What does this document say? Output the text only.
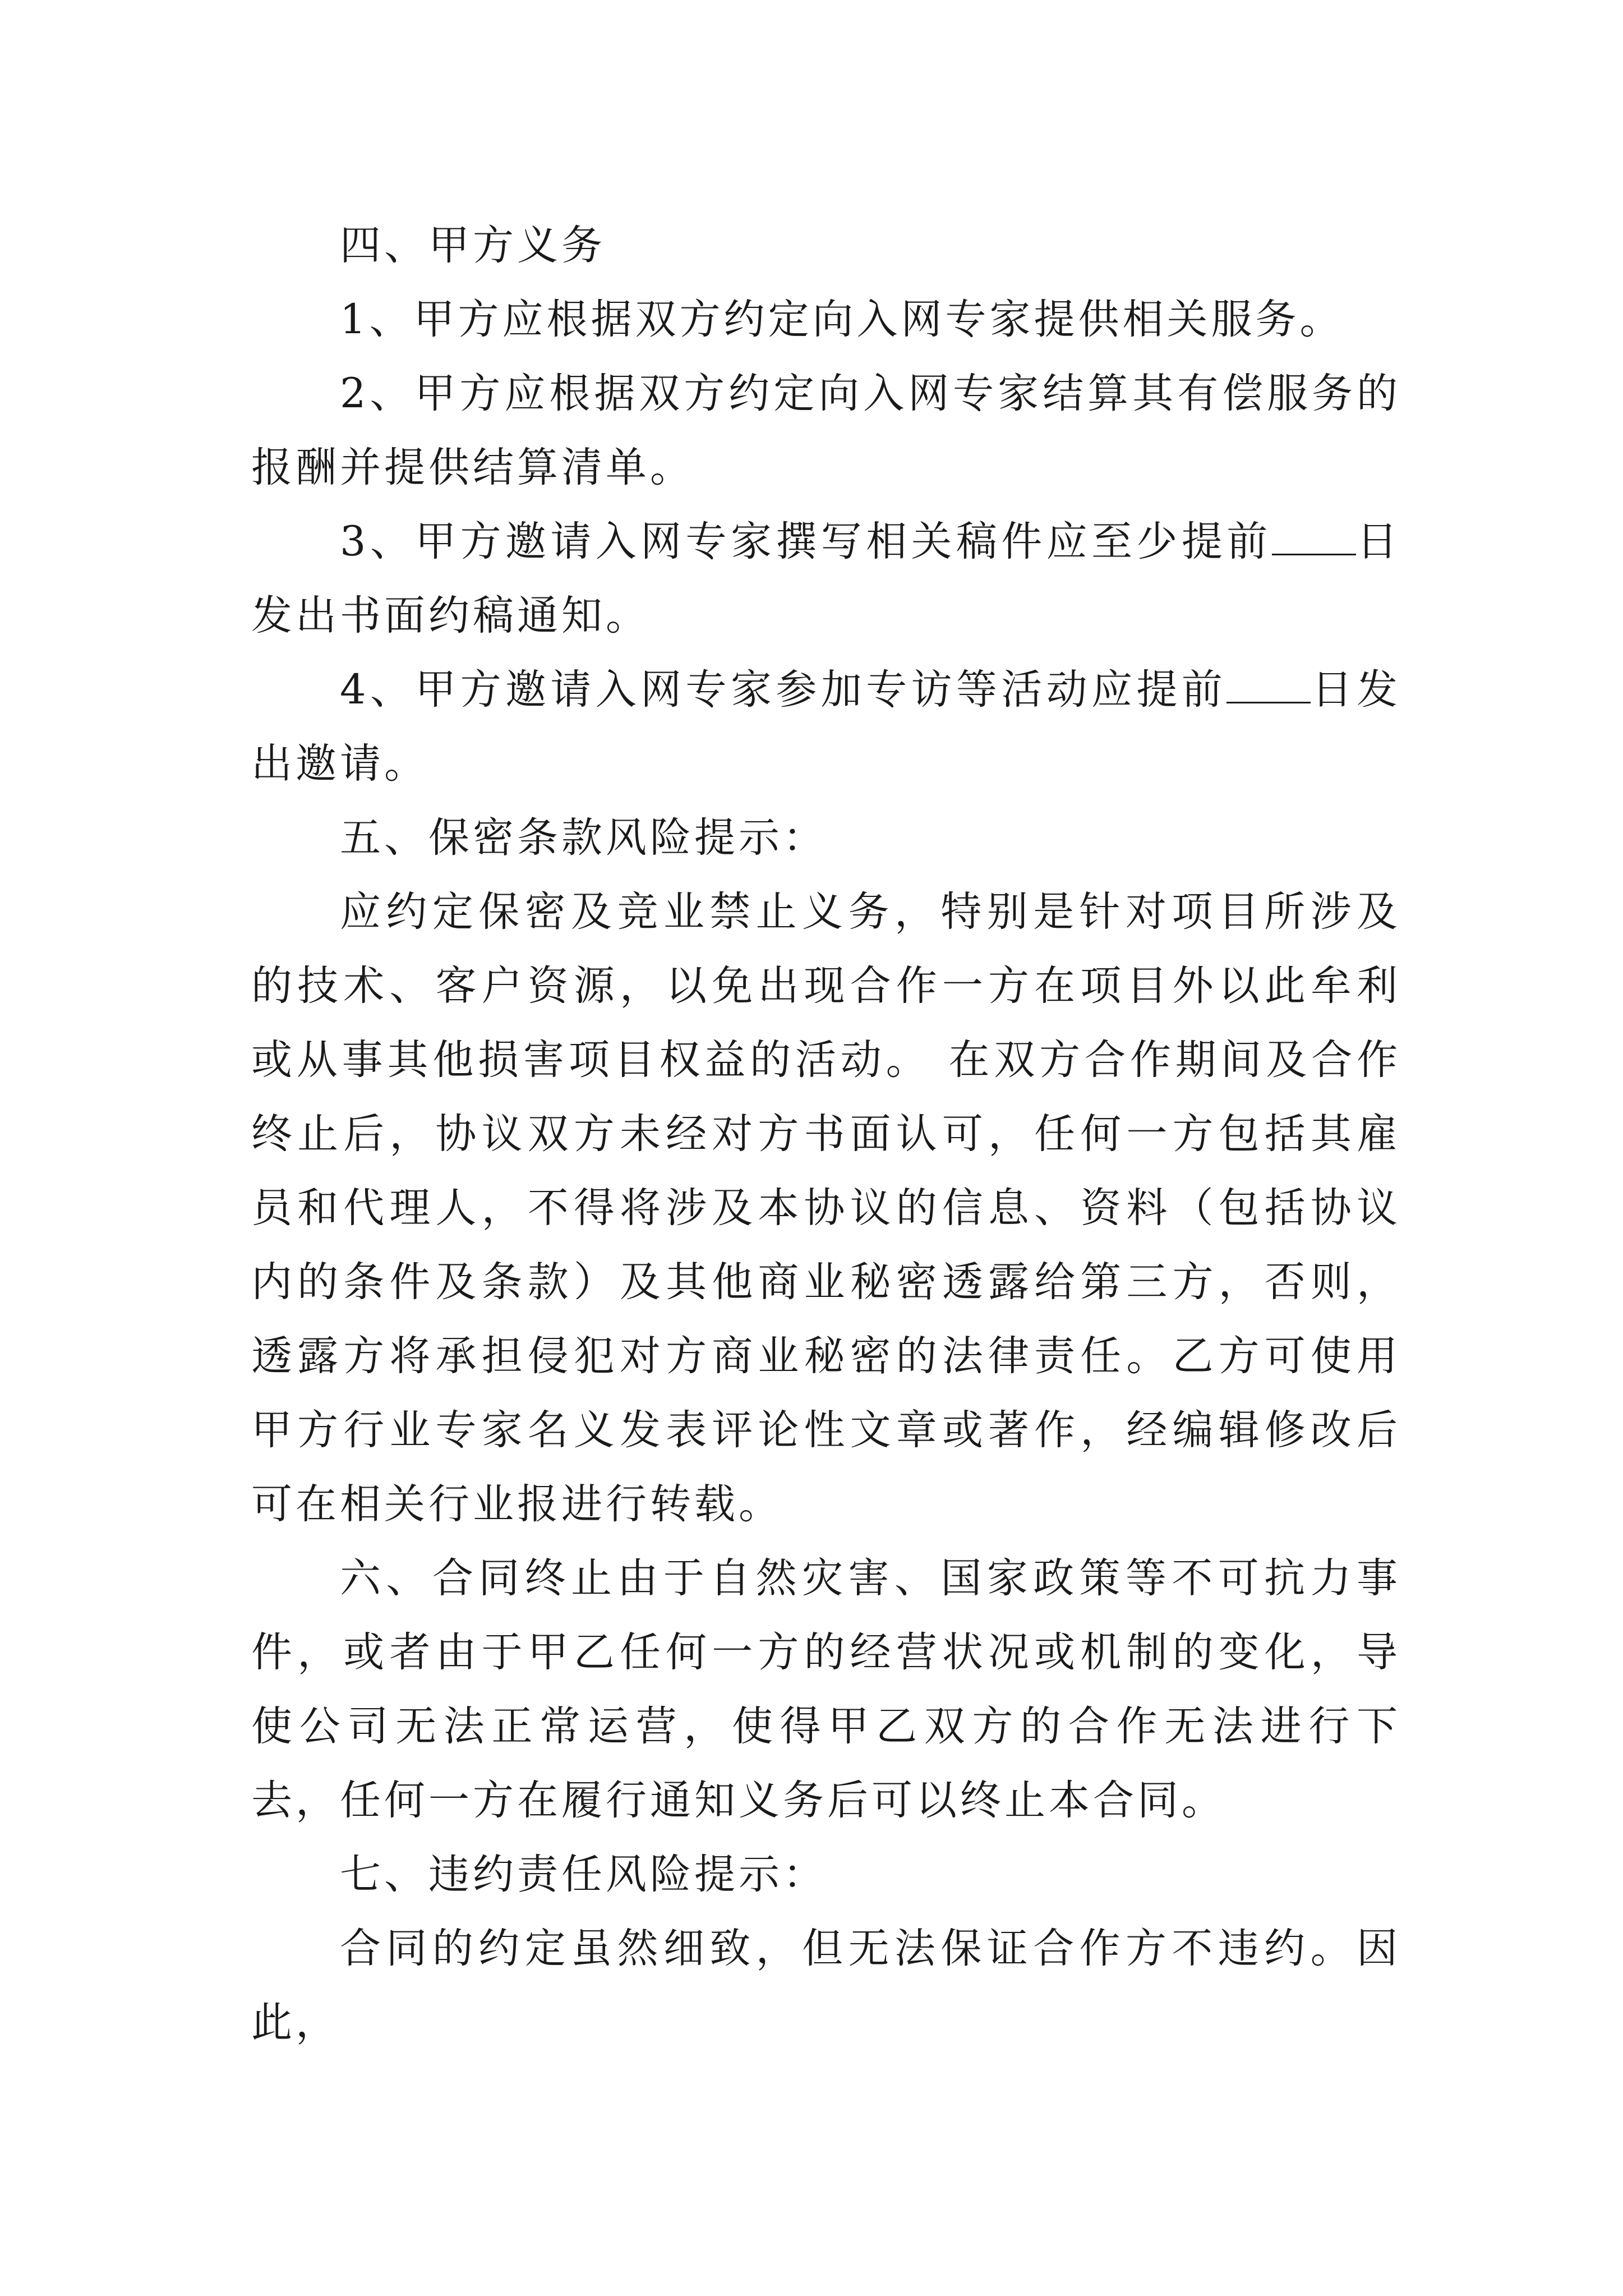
四、甲方义务

1、甲方应根据双方约定向入网专家提供相关服务。

2、甲方应根据双方约定向入网专家结算其有偿服务的报酬并提供结算清单。

3、甲方邀请入网专家撰写相关稿件应至少提前 日发出书面约稿通知。

4、甲方邀请入网专家参加专访等活动应提前 日发出邀请。

五、保密条款风险提示：

应约定保密及竞业禁止义务，特别是针对项目所涉及的技术、客户资源，以免出现合作一方在项目外以此牟利或从事其他损害项目权益的活动。 在双方合作期间及合作终止后，协议双方未经对方书面认可，任何一方包括其雇员和代理人，不得将涉及本协议的信息、资料（包括协议内的条件及条款）及其他商业秘密透露给第三方，否则，透露方将承担侵犯对方商业秘密的法律责任。乙方可使用甲方行业专家名义发表评论性文章或著作，经编辑修改后可在相关行业报进行转载。

六、合同终止由于自然灾害、国家政策等不可抗力事件，或者由于甲乙任何一方的经营状况或机制的变化，导使公司无法正常运营，使得甲乙双方的合作无法进行下去，任何一方在履行通知义务后可以终止本合同。

七、违约责任风险提示：

合同的约定虽然细致，但无法保证合作方不违约。因此，
